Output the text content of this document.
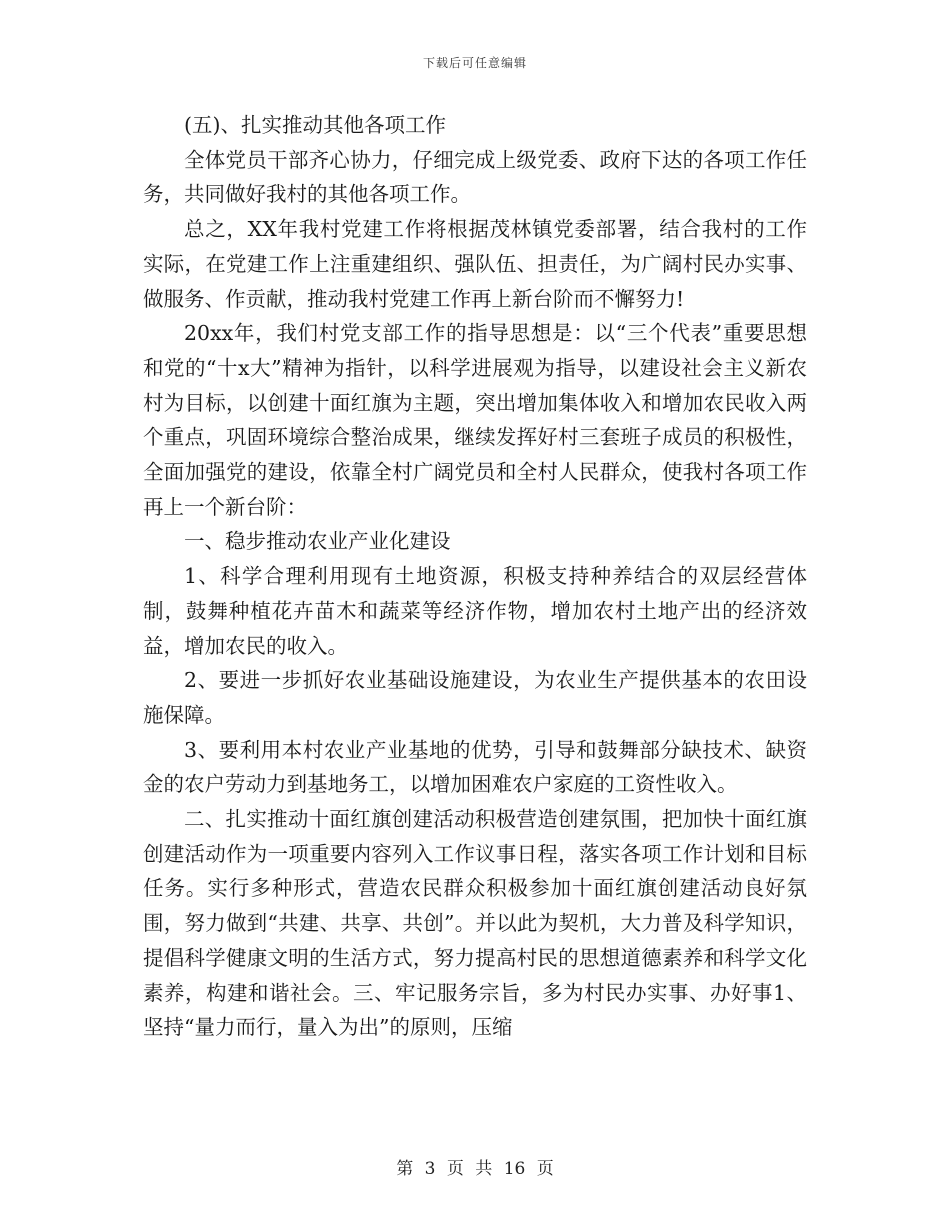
下载后可任意编辑

(五)、扎实推动其他各项工作

全体党员干部齐心协力，仔细完成上级党委、政府下达的各项工作任务，共同做好我村的其他各项工作。

总之，XX年我村党建工作将根据茂林镇党委部署，结合我村的工作实际，在党建工作上注重建组织、强队伍、担责任，为广阔村民办实事、做服务、作贡献，推动我村党建工作再上新台阶而不懈努力!

20xx年，我们村党支部工作的指导思想是：以“三个代表”重要思想和党的“十x大”精神为指针，以科学进展观为指导，以建设社会主义新农村为目标，以创建十面红旗为主题，突出增加集体收入和增加农民收入两个重点，巩固环境综合整治成果，继续发挥好村三套班子成员的积极性，全面加强党的建设，依靠全村广阔党员和全村人民群众，使我村各项工作再上一个新台阶：

一、稳步推动农业产业化建设

1、科学合理利用现有土地资源，积极支持种养结合的双层经营体制，鼓舞种植花卉苗木和蔬菜等经济作物，增加农村土地产出的经济效益，增加农民的收入。

2、要进一步抓好农业基础设施建设，为农业生产提供基本的农田设施保障。

3、要利用本村农业产业基地的优势，引导和鼓舞部分缺技术、缺资金的农户劳动力到基地务工，以增加困难农户家庭的工资性收入。

二、扎实推动十面红旗创建活动积极营造创建氛围，把加快十面红旗创建活动作为一项重要内容列入工作议事日程，落实各项工作计划和目标任务。实行多种形式，营造农民群众积极参加十面红旗创建活动良好氛围，努力做到“共建、共享、共创”。并以此为契机，大力普及科学知识，提倡科学健康文明的生活方式，努力提高村民的思想道德素养和科学文化素养，构建和谐社会。三、牢记服务宗旨，多为村民办实事、办好事1、坚持“量力而行，量入为出”的原则，压缩

第 3 页 共 16 页
